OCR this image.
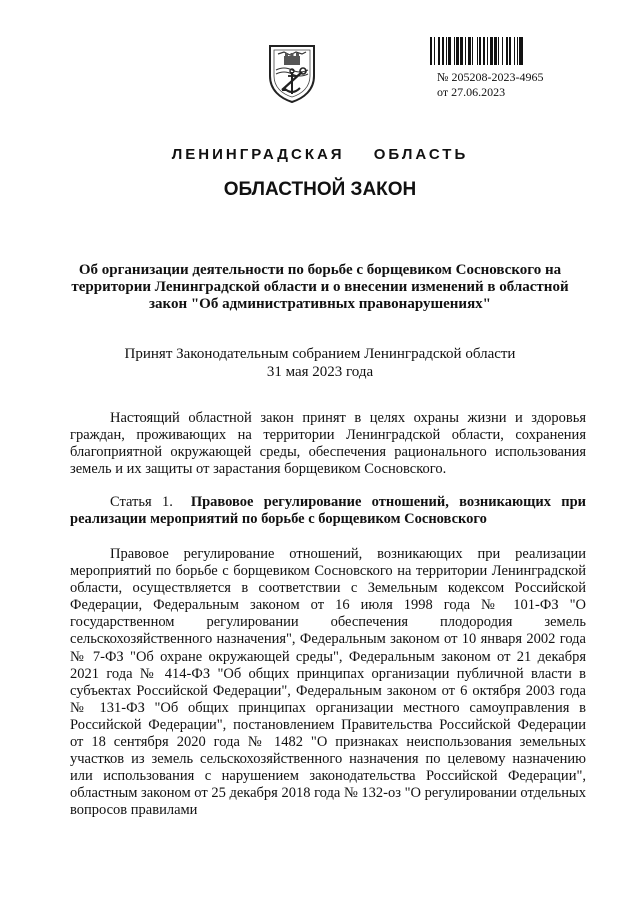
№ 205208-2023-4965
от 27.06.2023
ЛЕНИНГРАДСКАЯ ОБЛАСТЬ
ОБЛАСТНОЙ ЗАКОН
Об организации деятельности по борьбе с борщевиком Сосновского на территории Ленинградской области и о внесении изменений в областной закон "Об административных правонарушениях"
Принят Законодательным собранием Ленинградской области
31 мая 2023 года
Настоящий областной закон принят в целях охраны жизни и здоровья граждан, проживающих на территории Ленинградской области, сохранения благоприятной окружающей среды, обеспечения рационального использования земель и их защиты от зарастания борщевиком Сосновского.
Статья 1. Правовое регулирование отношений, возникающих при реализации мероприятий по борьбе с борщевиком Сосновского
Правовое регулирование отношений, возникающих при реализации мероприятий по борьбе с борщевиком Сосновского на территории Ленинградской области, осуществляется в соответствии с Земельным кодексом Российской Федерации, Федеральным законом от 16 июля 1998 года № 101-ФЗ "О государственном регулировании обеспечения плодородия земель сельскохозяйственного назначения", Федеральным законом от 10 января 2002 года № 7-ФЗ "Об охране окружающей среды", Федеральным законом от 21 декабря 2021 года № 414-ФЗ "Об общих принципах организации публичной власти в субъектах Российской Федерации", Федеральным законом от 6 октября 2003 года № 131-ФЗ "Об общих принципах организации местного самоуправления в Российской Федерации", постановлением Правительства Российской Федерации от 18 сентября 2020 года № 1482 "О признаках неиспользования земельных участков из земель сельскохозяйственного назначения по целевому назначению или использования с нарушением законодательства Российской Федерации", областным законом от 25 декабря 2018 года № 132-оз "О регулировании отдельных вопросов правилами
